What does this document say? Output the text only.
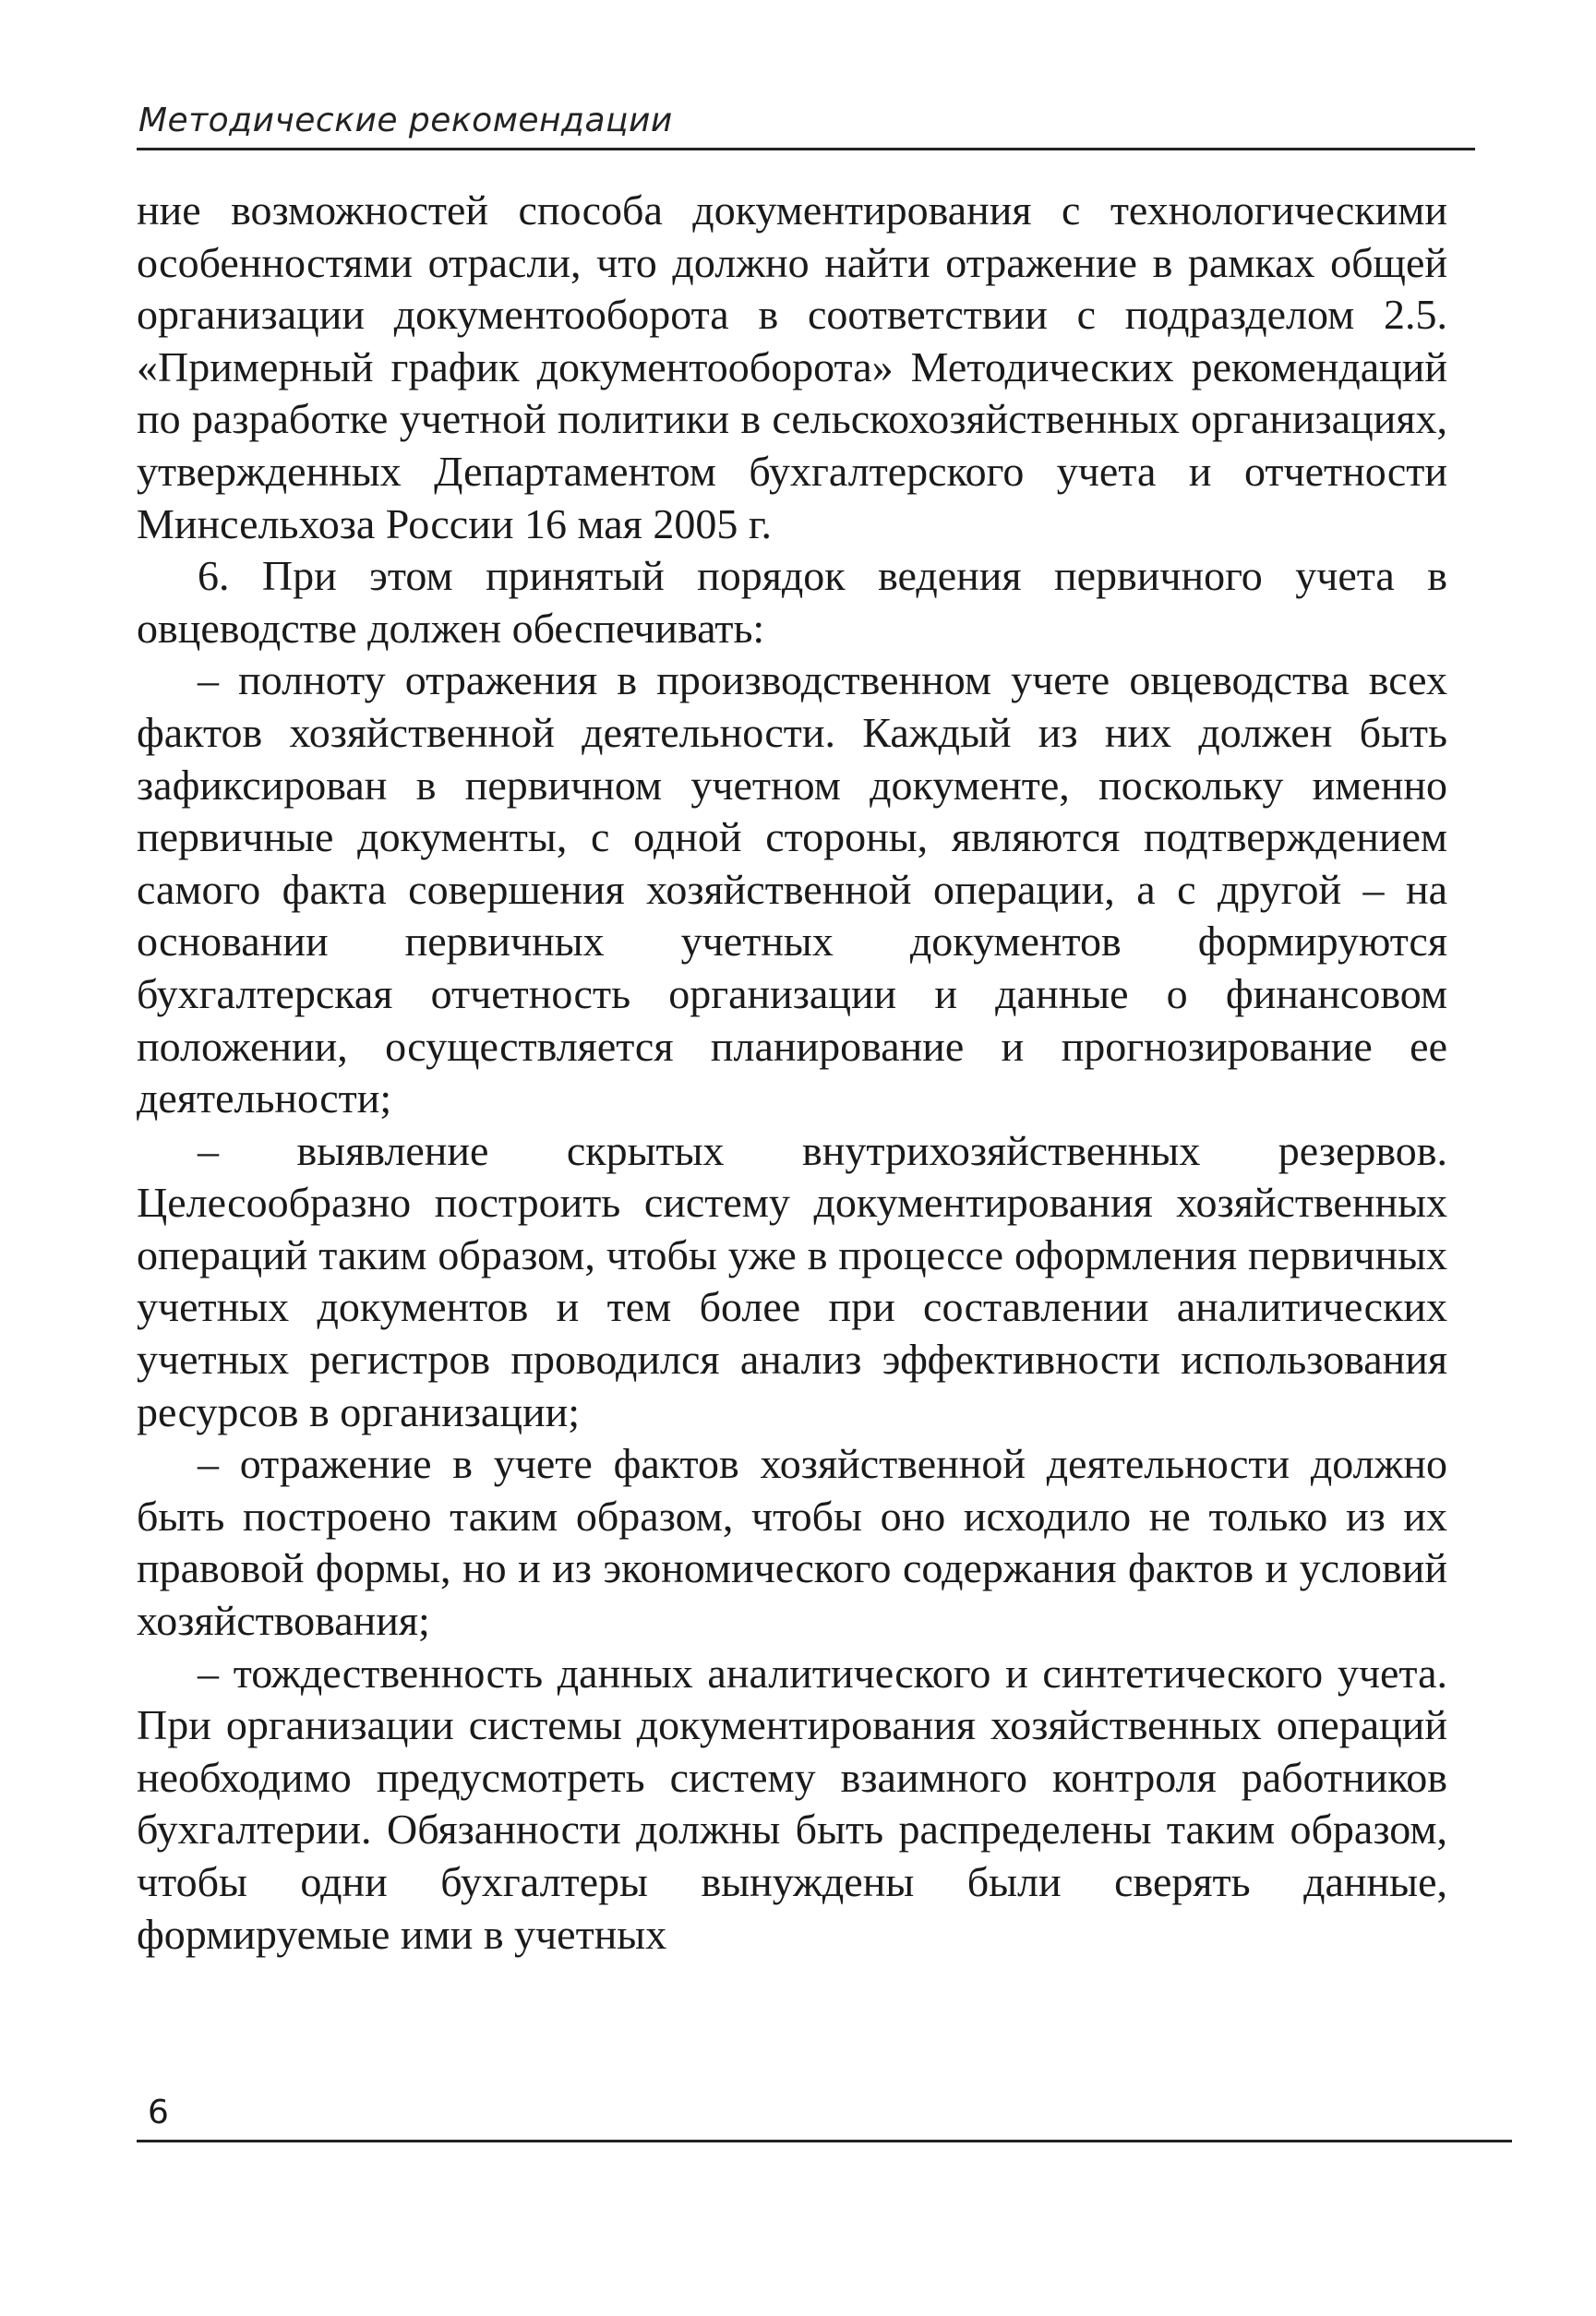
Методические рекомендации

ние возможностей способа документирования с технологическими особенностями отрасли, что должно найти отражение в рамках общей организации документооборота в соответствии с подразделом 2.5. «Примерный график документооборота» Методических рекомендаций по разработке учетной политики в сельскохозяйственных организациях, утвержденных Департаментом бухгалтерского учета и отчетности Минсельхоза России 16 мая 2005 г.

6. При этом принятый порядок ведения первичного учета в овцеводстве должен обеспечивать:

– полноту отражения в производственном учете овцеводства всех фактов хозяйственной деятельности. Каждый из них должен быть зафиксирован в первичном учетном документе, поскольку именно первичные документы, с одной стороны, являются подтверждением самого факта совершения хозяйственной операции, а с другой – на основании первичных учетных документов формируются бухгалтерская отчетность организации и данные о финансовом положении, осуществляется планирование и прогнозирование ее деятельности;

– выявление скрытых внутрихозяйственных резервов. Целесообразно построить систему документирования хозяйственных операций таким образом, чтобы уже в процессе оформления первичных учетных документов и тем более при составлении аналитических учетных регистров проводился анализ эффективности использования ресурсов в организации;

– отражение в учете фактов хозяйственной деятельности должно быть построено таким образом, чтобы оно исходило не только из их правовой формы, но и из экономического содержания фактов и условий хозяйствования;

– тождественность данных аналитического и синтетического учета. При организации системы документирования хозяйственных операций необходимо предусмотреть систему взаимного контроля работников бухгалтерии. Обязанности должны быть распределены таким образом, чтобы одни бухгалтеры вынуждены были сверять данные, формируемые ими в учетных

6
